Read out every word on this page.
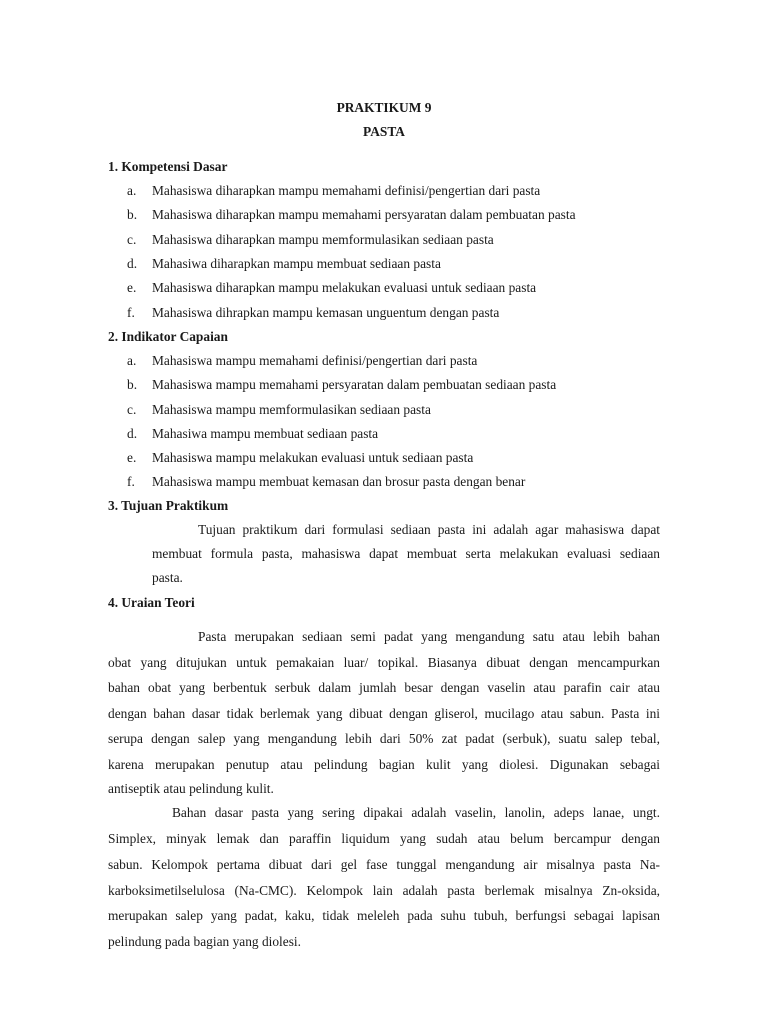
PRAKTIKUM 9
PASTA
1. Kompetensi Dasar
a. Mahasiswa diharapkan mampu memahami definisi/pengertian dari pasta
b. Mahasiswa diharapkan mampu memahami persyaratan dalam pembuatan pasta
c. Mahasiswa diharapkan mampu memformulasikan sediaan pasta
d. Mahasiwa diharapkan mampu membuat sediaan pasta
e. Mahasiswa diharapkan mampu melakukan evaluasi untuk sediaan pasta
f. Mahasiswa dihrapkan mampu kemasan unguentum dengan pasta
2. Indikator Capaian
a. Mahasiswa mampu memahami definisi/pengertian dari pasta
b. Mahasiswa mampu memahami persyaratan dalam pembuatan sediaan pasta
c. Mahasiswa mampu memformulasikan sediaan pasta
d. Mahasiwa mampu membuat sediaan pasta
e. Mahasiswa mampu melakukan evaluasi untuk sediaan pasta
f. Mahasiswa mampu membuat kemasan dan brosur pasta dengan benar
3. Tujuan Praktikum
Tujuan praktikum dari formulasi sediaan pasta ini adalah agar mahasiswa dapat
membuat formula pasta, mahasiswa dapat membuat serta melakukan evaluasi sediaan
pasta.
4. Uraian Teori
Pasta merupakan sediaan semi padat yang mengandung satu atau lebih bahan
obat yang ditujukan untuk pemakaian luar/ topikal. Biasanya dibuat dengan mencampurkan
bahan obat yang berbentuk serbuk dalam jumlah besar dengan vaselin atau parafin cair atau
dengan bahan dasar tidak berlemak yang dibuat dengan gliserol, mucilago atau sabun. Pasta ini
serupa dengan salep yang mengandung lebih dari 50% zat padat (serbuk), suatu salep tebal,
karena merupakan penutup atau pelindung bagian kulit yang diolesi. Digunakan sebagai
antiseptik atau pelindung kulit.
Bahan dasar pasta yang sering dipakai adalah vaselin, lanolin, adeps lanae, ungt.
Simplex, minyak lemak dan paraffin liquidum yang sudah atau belum bercampur dengan
sabun. Kelompok pertama dibuat dari gel fase tunggal mengandung air misalnya pasta Na-
karboksimetilselulosa (Na-CMC). Kelompok lain adalah pasta berlemak misalnya Zn-oksida,
merupakan salep yang padat, kaku, tidak meleleh pada suhu tubuh, berfungsi sebagai lapisan
pelindung pada bagian yang diolesi.
